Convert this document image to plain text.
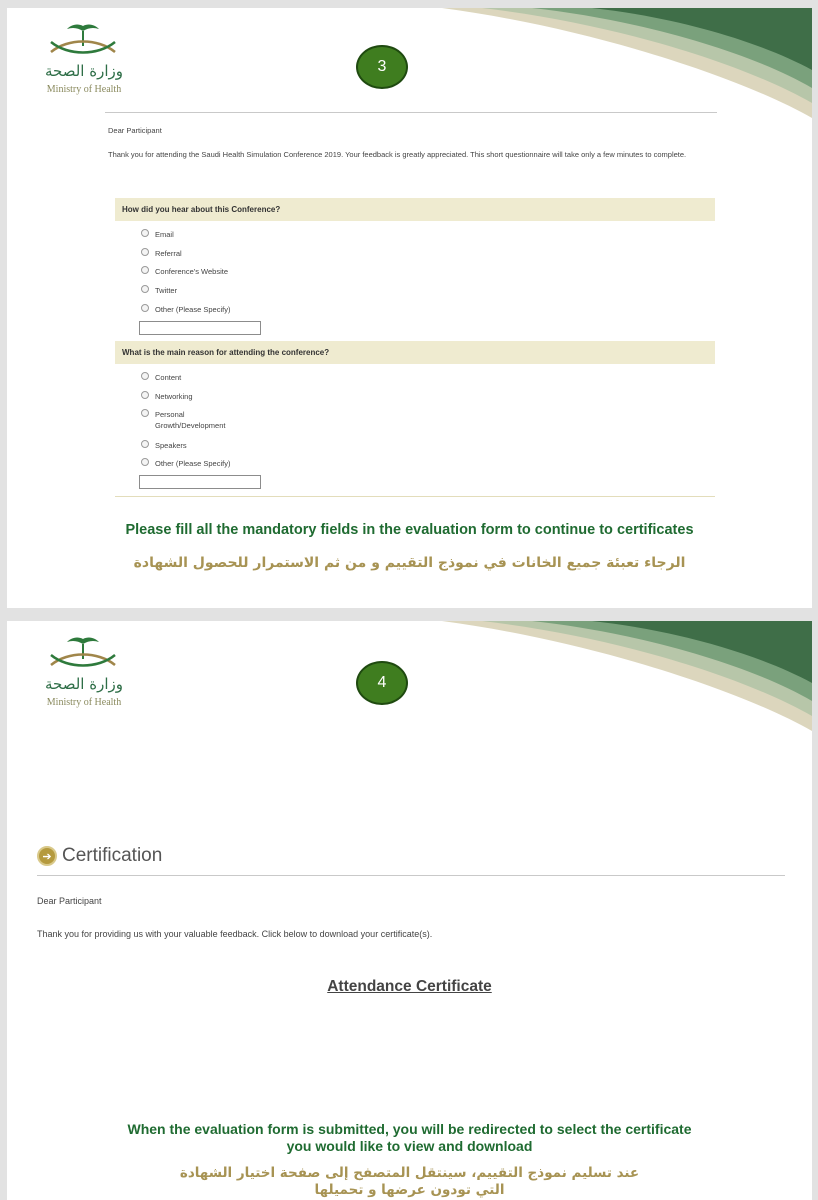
وزارة الصحة
Ministry of Health
3
Dear Participant
Thank you for attending the Saudi Health Simulation Conference 2019. Your feedback is greatly appreciated. This short questionnaire will take only a few minutes to complete.
How did you hear about this Conference?
Email
Referral
Conference's Website
Twitter
Other (Please Specify)
What is the main reason for attending the conference?
Content
Networking
Personal Growth/Development
Speakers
Other (Please Specify)
Please fill all the mandatory fields in the evaluation form to continue to certificates
الرجاء تعبئة جميع الخانات في نموذج التقييم و من ثم الاستمرار للحصول الشهادة
وزارة الصحة
Ministry of Health
4
➔ Certification
Dear Participant
Thank you for providing us with your valuable feedback. Click below to download your certificate(s).
Attendance Certificate
When the evaluation form is submitted, you will be redirected to select the certificate
you would like to view and download
عند تسليم نموذج التقييم، سينتقل المتصفح إلى صفحة اختيار الشهادة
التي تودون عرضها و تحميلها
